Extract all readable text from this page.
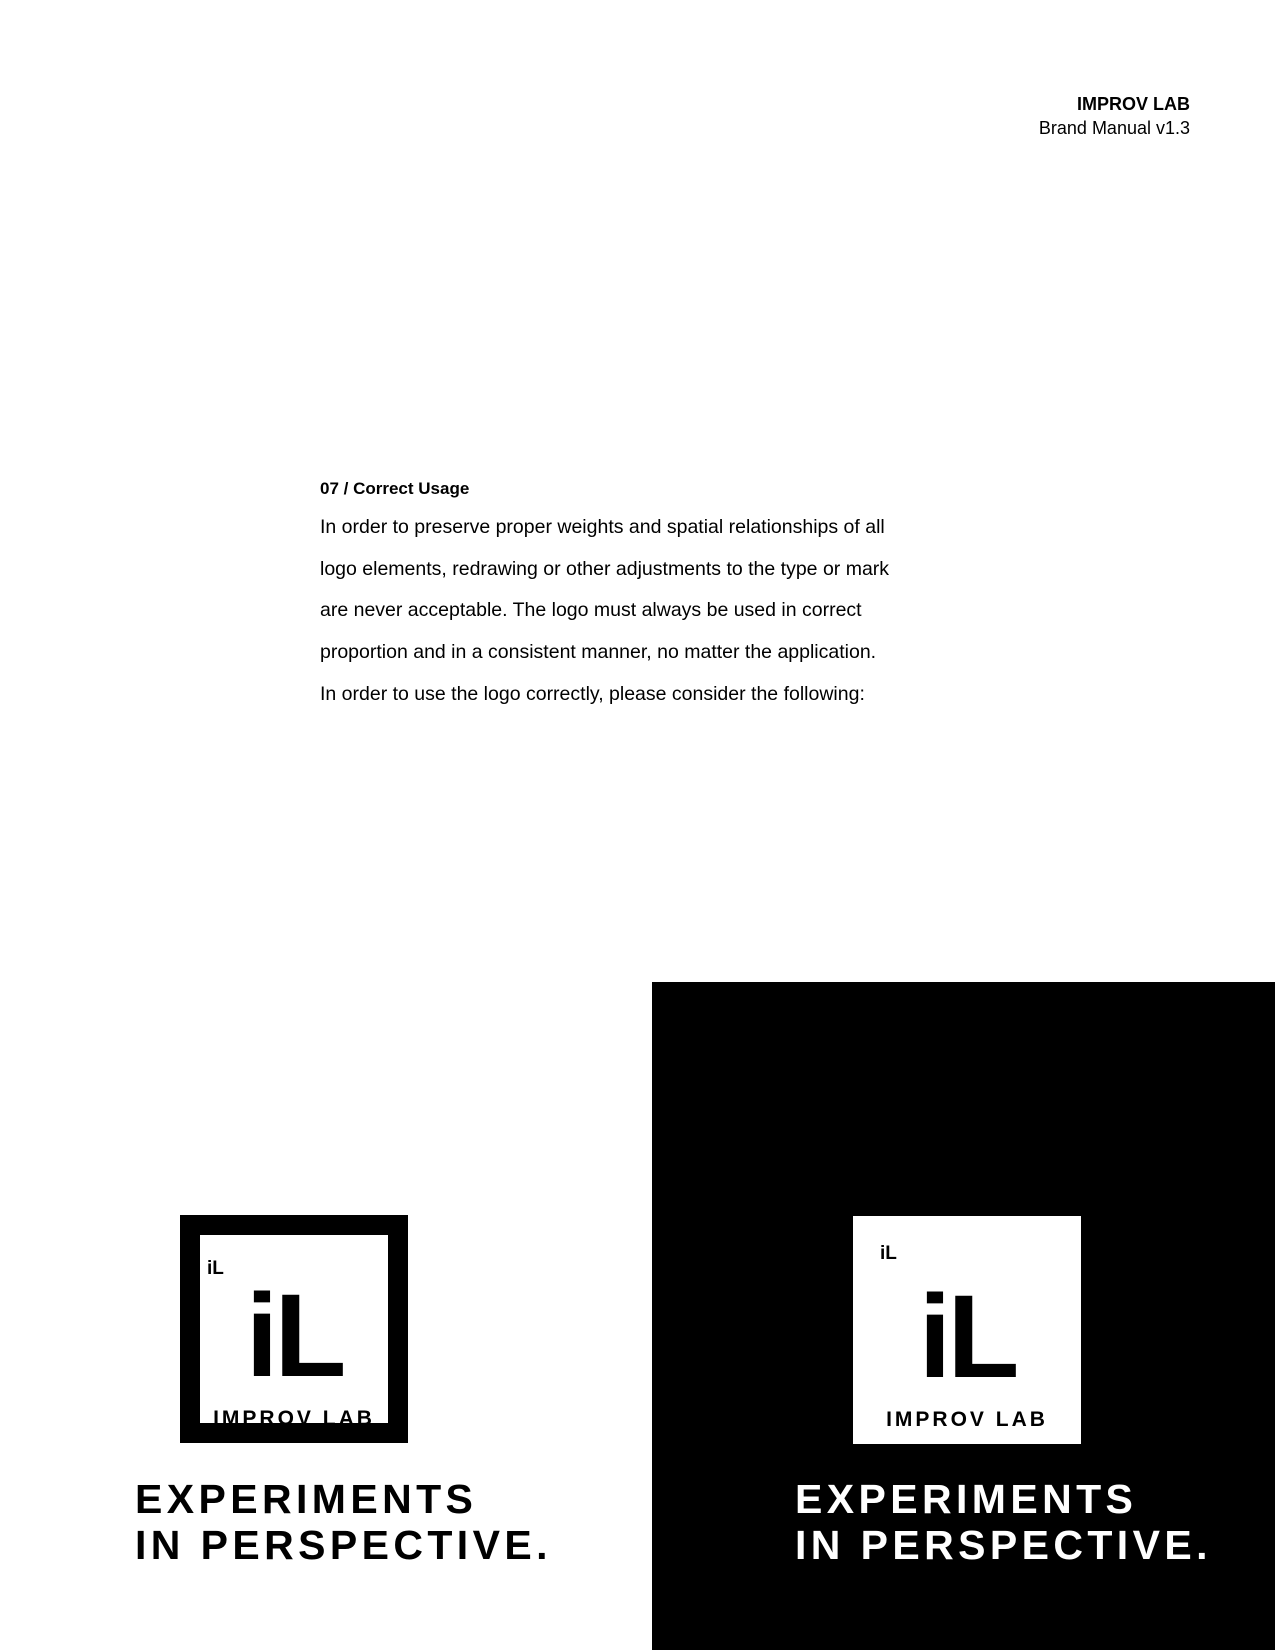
IMPROV LAB
Brand Manual v1.3
07 / Correct Usage
In order to preserve proper weights and spatial relationships of all
logo elements, redrawing or other adjustments to the type or mark
are never acceptable. The logo must always be used in correct
proportion and in a consistent manner, no matter the application.
In order to use the logo correctly, please consider the following:
iL
iL
IMPROV LAB
EXPERIMENTS
IN PERSPECTIVE.
iL
iL
IMPROV LAB
EXPERIMENTS
IN PERSPECTIVE.
